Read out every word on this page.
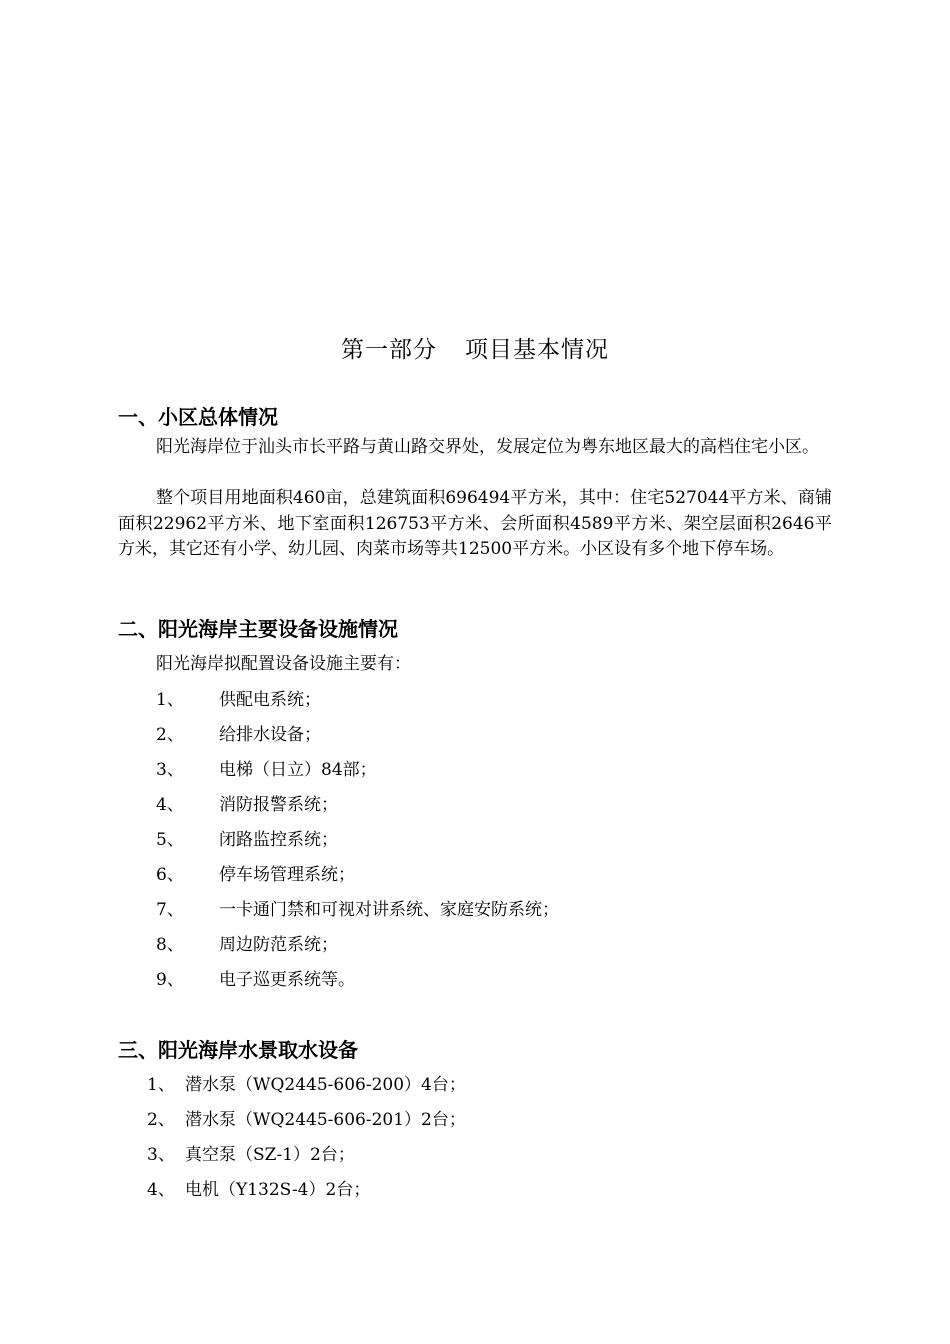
第一部分 项目基本情况
一、小区总体情况
阳光海岸位于汕头市长平路与黄山路交界处，发展定位为粤东地区最大的高档住宅小区。
整个项目用地面积460亩，总建筑面积696494平方米，其中：住宅527044平方米、商铺面积22962平方米、地下室面积126753平方米、会所面积4589平方米、架空层面积2646平方米，其它还有小学、幼儿园、肉菜市场等共12500平方米。小区设有多个地下停车场。
二、阳光海岸主要设备设施情况
阳光海岸拟配置设备设施主要有：
1、 供配电系统；
2、 给排水设备；
3、 电梯（日立）84部；
4、 消防报警系统；
5、 闭路监控系统；
6、 停车场管理系统；
7、 一卡通门禁和可视对讲系统、家庭安防系统；
8、 周边防范系统；
9、 电子巡更系统等。
三、阳光海岸水景取水设备
1、 潜水泵（WQ2445-606-200）4台；
2、 潜水泵（WQ2445-606-201）2台；
3、 真空泵（SZ-1）2台；
4、 电机（Y132S-4）2台；
